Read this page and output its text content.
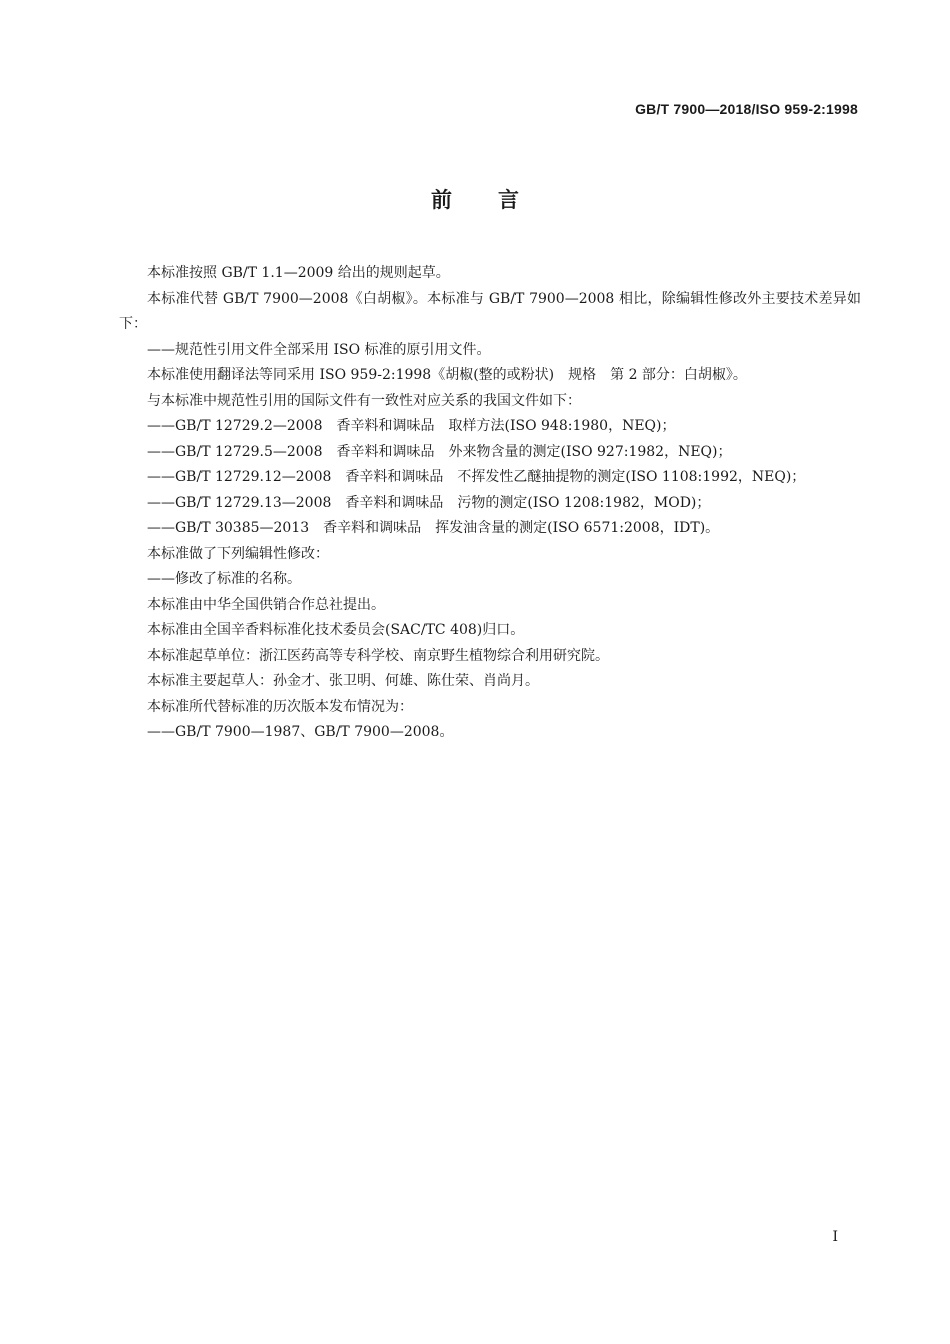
GB/T 7900—2018/ISO 959-2:1998
前言

本标准按照 GB/T 1.1—2009 给出的规则起草。

本标准代替 GB/T 7900—2008《白胡椒》。本标准与 GB/T 7900—2008 相比，除编辑性修改外主要技术差异如下：

——规范性引用文件全部采用 ISO 标准的原引用文件。

本标准使用翻译法等同采用 ISO 959-2:1998《胡椒(整的或粉状)　规格　第 2 部分：白胡椒》。

与本标准中规范性引用的国际文件有一致性对应关系的我国文件如下：

——GB/T 12729.2—2008　香辛料和调味品　取样方法(ISO 948:1980，NEQ)；

——GB/T 12729.5—2008　香辛料和调味品　外来物含量的测定(ISO 927:1982，NEQ)；

——GB/T 12729.12—2008　香辛料和调味品　不挥发性乙醚抽提物的测定(ISO 1108:1992，NEQ)；

——GB/T 12729.13—2008　香辛料和调味品　污物的测定(ISO 1208:1982，MOD)；

——GB/T 30385—2013　香辛料和调味品　挥发油含量的测定(ISO 6571:2008，IDT)。

本标准做了下列编辑性修改：

——修改了标准的名称。

本标准由中华全国供销合作总社提出。

本标准由全国辛香料标准化技术委员会(SAC/TC 408)归口。

本标准起草单位：浙江医药高等专科学校、南京野生植物综合利用研究院。

本标准主要起草人：孙金才、张卫明、何雄、陈仕荣、肖尚月。

本标准所代替标准的历次版本发布情况为：

——GB/T 7900—1987、GB/T 7900—2008。

I
